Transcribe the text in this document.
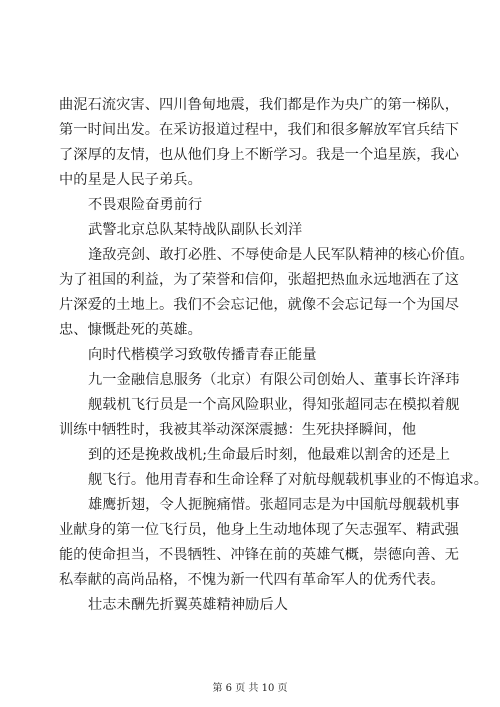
曲泥石流灾害、四川鲁甸地震，我们都是作为央广的第一梯队，
第一时间出发。在采访报道过程中，我们和很多解放军官兵结下
了深厚的友情，也从他们身上不断学习。我是一个追星族，我心
中的星是人民子弟兵。
不畏艰险奋勇前行
武警北京总队某特战队副队长刘洋
逢敌亮剑、敢打必胜、不辱使命是人民军队精神的核心价值。
为了祖国的利益，为了荣誉和信仰，张超把热血永远地洒在了这
片深爱的土地上。我们不会忘记他，就像不会忘记每一个为国尽
忠、慷慨赴死的英雄。
向时代楷模学习致敬传播青春正能量
九一金融信息服务（北京）有限公司创始人、董事长许泽玮
舰载机飞行员是一个高风险职业，得知张超同志在模拟着舰
训练中牺牲时，我被其举动深深震撼：生死抉择瞬间，他
到的还是挽救战机;生命最后时刻，他最难以割舍的还是上
舰飞行。他用青春和生命诠释了对航母舰载机事业的不悔追求。
雄鹰折翅，令人扼腕痛惜。张超同志是为中国航母舰载机事
业献身的第一位飞行员，他身上生动地体现了矢志强军、精武强
能的使命担当，不畏牺牲、冲锋在前的英雄气概，崇德向善、无
私奉献的高尚品格，不愧为新一代四有革命军人的优秀代表。
壮志未酬先折翼英雄精神励后人
第 6 页 共 10 页
